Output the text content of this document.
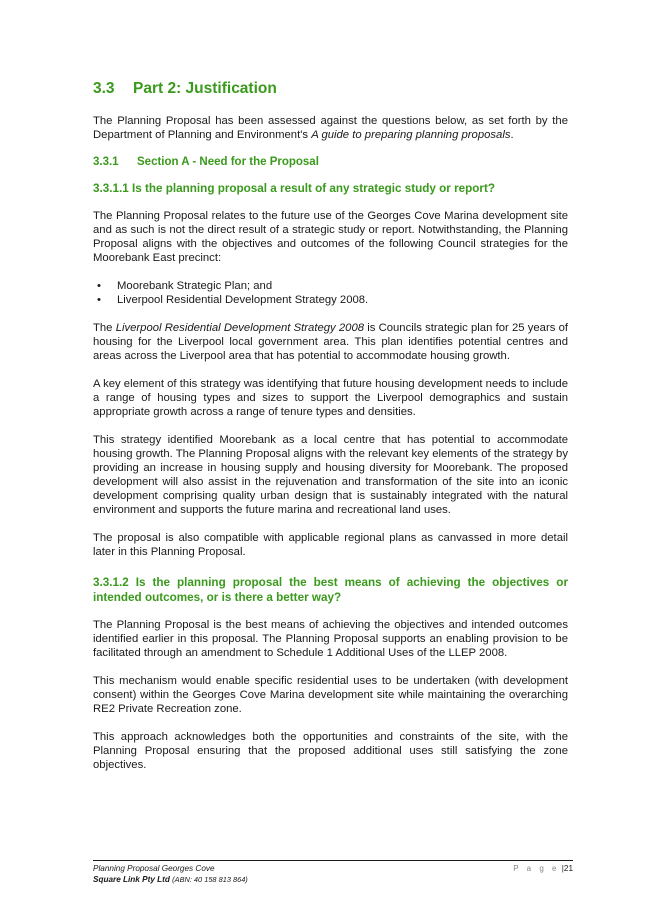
3.3	Part 2: Justification

The Planning Proposal has been assessed against the questions below, as set forth by the Department of Planning and Environment's A guide to preparing planning proposals.

3.3.1	Section A - Need for the Proposal
3.3.1.1 Is the planning proposal a result of any strategic study or report?

The Planning Proposal relates to the future use of the Georges Cove Marina development site and as such is not the direct result of a strategic study or report. Notwithstanding, the Planning Proposal aligns with the objectives and outcomes of the following Council strategies for the Moorebank East precinct:

• Moorebank Strategic Plan; and
• Liverpool Residential Development Strategy 2008.

The Liverpool Residential Development Strategy 2008 is Councils strategic plan for 25 years of housing for the Liverpool local government area. This plan identifies potential centres and areas across the Liverpool area that has potential to accommodate housing growth.

A key element of this strategy was identifying that future housing development needs to include a range of housing types and sizes to support the Liverpool demographics and sustain appropriate growth across a range of tenure types and densities.

This strategy identified Moorebank as a local centre that has potential to accommodate housing growth. The Planning Proposal aligns with the relevant key elements of the strategy by providing an increase in housing supply and housing diversity for Moorebank. The proposed development will also assist in the rejuvenation and transformation of the site into an iconic development comprising quality urban design that is sustainably integrated with the natural environment and supports the future marina and recreational land uses.

The proposal is also compatible with applicable regional plans as canvassed in more detail later in this Planning Proposal.

3.3.1.2 Is the planning proposal the best means of achieving the objectives or intended outcomes, or is there a better way?

The Planning Proposal is the best means of achieving the objectives and intended outcomes identified earlier in this proposal. The Planning Proposal supports an enabling provision to be facilitated through an amendment to Schedule 1 Additional Uses of the LLEP 2008.

This mechanism would enable specific residential uses to be undertaken (with development consent) within the Georges Cove Marina development site while maintaining the overarching RE2 Private Recreation zone.

This approach acknowledges both the opportunities and constraints of the site, with the Planning Proposal ensuring that the proposed additional uses still satisfying the zone objectives.

Planning Proposal Georges Cove	P a g e |21
Square Link Pty Ltd (ABN: 40 158 813 864)
